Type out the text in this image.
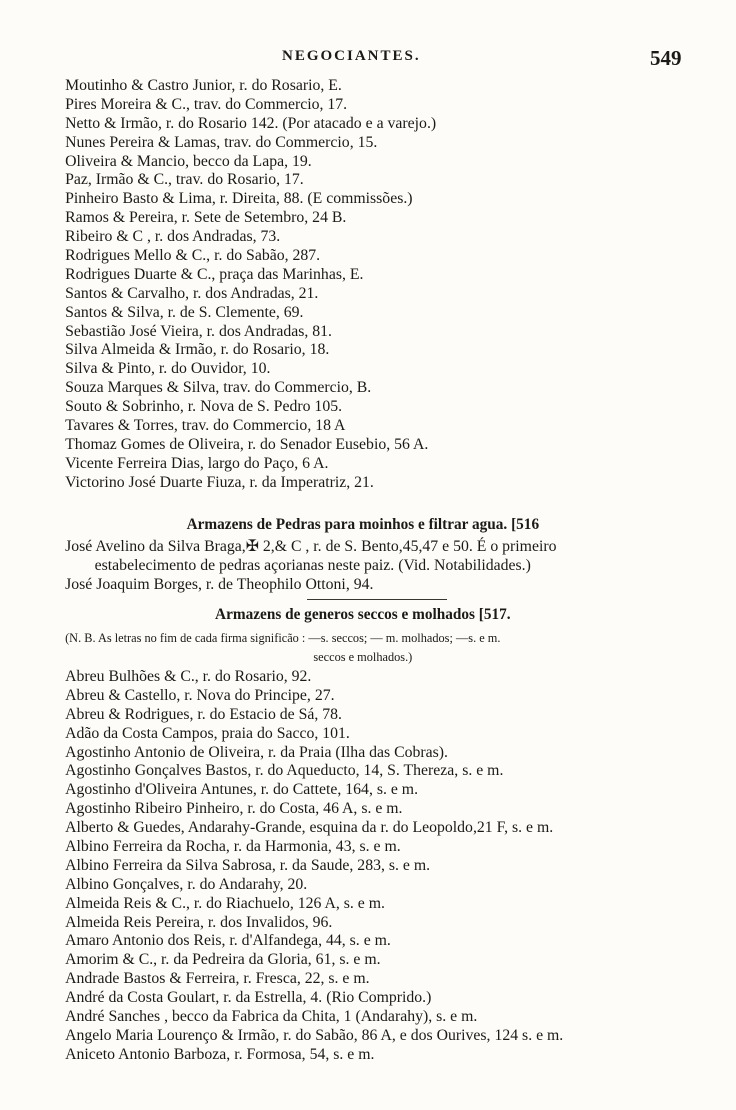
NEGOCIANTES.	549
Moutinho & Castro Junior, r. do Rosario, E.
Pires Moreira & C., trav. do Commercio, 17.
Netto & Irmão, r. do Rosario 142. (Por atacado e a varejo.)
Nunes Pereira & Lamas, trav. do Commercio, 15.
Oliveira & Mancio, becco da Lapa, 19.
Paz, Irmão & C., trav. do Rosario, 17.
Pinheiro Basto & Lima, r. Direita, 88. (E commissões.)
Ramos & Pereira, r. Sete de Setembro, 24 B.
Ribeiro & C , r. dos Andradas, 73.
Rodrigues Mello & C., r. do Sabão, 287.
Rodrigues Duarte & C., praça das Marinhas, E.
Santos & Carvalho, r. dos Andradas, 21.
Santos & Silva, r. de S. Clemente, 69.
Sebastião José Vieira, r. dos Andradas, 81.
Silva Almeida & Irmão, r. do Rosario, 18.
Silva & Pinto, r. do Ouvidor, 10.
Souza Marques & Silva, trav. do Commercio, B.
Souto & Sobrinho, r. Nova de S. Pedro 105.
Tavares & Torres, trav. do Commercio, 18 A
Thomaz Gomes de Oliveira, r. do Senador Eusebio, 56 A.
Vicente Ferreira Dias, largo do Paço, 6 A.
Victorino José Duarte Fiuza, r. da Imperatriz, 21.
Armazens de Pedras para moinhos e filtrar agua. [516
José Avelino da Silva Braga,✠ 2,& C , r. de S. Bento,45,47 e 50. É o primeiro
estabelecimento de pedras açorianas neste paiz. (Vid. Notabilidades.)
José Joaquim Borges, r. de Theophilo Ottoni, 94.
Armazens de generos seccos e molhados [517.
(N. B. As letras no fim de cada firma significão : —s. seccos; — m. molhados; —s. e m.
seccos e molhados.)
Abreu Bulhões & C., r. do Rosario, 92.
Abreu & Castello, r. Nova do Principe, 27.
Abreu & Rodrigues, r. do Estacio de Sá, 78.
Adão da Costa Campos, praia do Sacco, 101.
Agostinho Antonio de Oliveira, r. da Praia (Ilha das Cobras).
Agostinho Gonçalves Bastos, r. do Aqueducto, 14, S. Thereza, s. e m.
Agostinho d'Oliveira Antunes, r. do Cattete, 164, s. e m.
Agostinho Ribeiro Pinheiro, r. do Costa, 46 A, s. e m.
Alberto & Guedes, Andarahy-Grande, esquina da r. do Leopoldo,21 F, s. e m.
Albino Ferreira da Rocha, r. da Harmonia, 43, s. e m.
Albino Ferreira da Silva Sabrosa, r. da Saude, 283, s. e m.
Albino Gonçalves, r. do Andarahy, 20.
Almeida Reis & C., r. do Riachuelo, 126 A, s. e m.
Almeida Reis Pereira, r. dos Invalidos, 96.
Amaro Antonio dos Reis, r. d'Alfandega, 44, s. e m.
Amorim & C., r. da Pedreira da Gloria, 61, s. e m.
Andrade Bastos & Ferreira, r. Fresca, 22, s. e m.
André da Costa Goulart, r. da Estrella, 4. (Rio Comprido.)
André Sanches , becco da Fabrica da Chita, 1 (Andarahy), s. e m.
Angelo Maria Lourenço & Irmão, r. do Sabão, 86 A, e dos Ourives, 124 s. e m.
Aniceto Antonio Barboza, r. Formosa, 54, s. e m.
